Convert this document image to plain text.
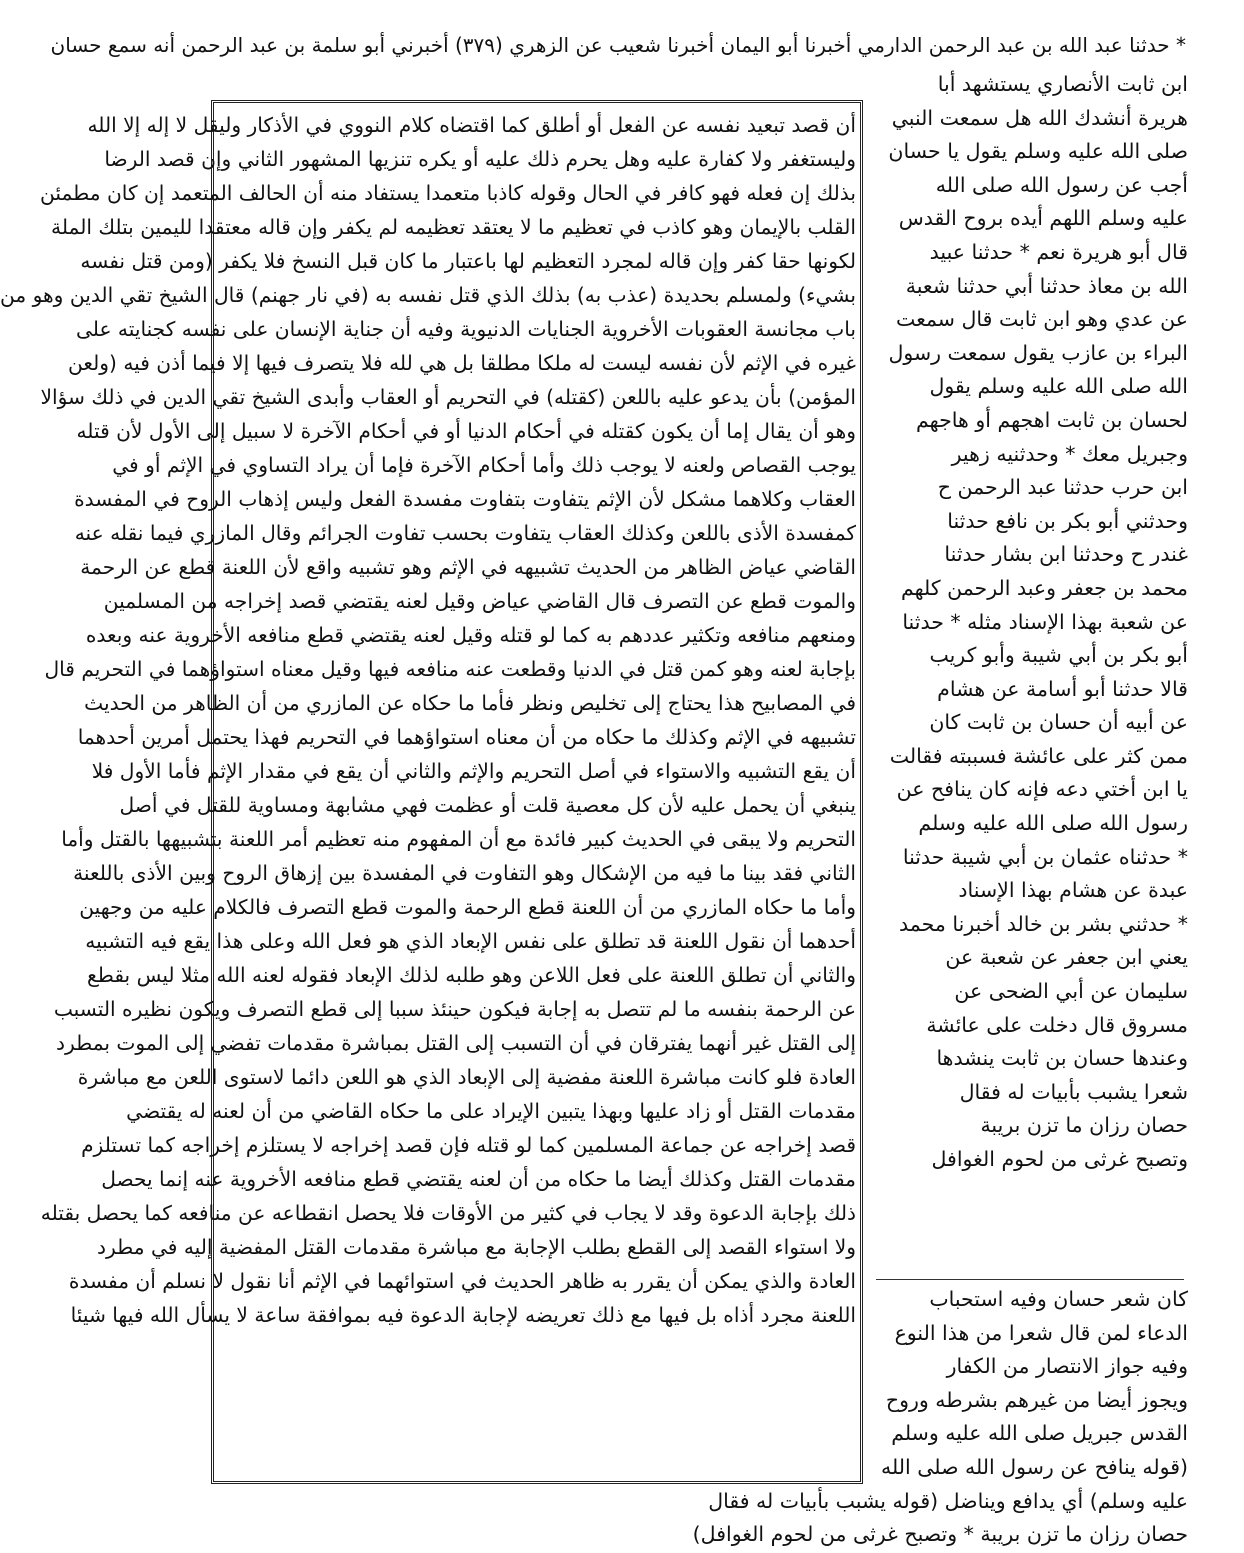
* حدثنا عبد الله بن عبد الرحمن الدارمي أخبرنا أبو اليمان أخبرنا شعيب عن الزهري (٣٧٩) أخبرني أبو سلمة بن عبد الرحمن أنه سمع حسان
ابن ثابت الأنصاري يستشهد أبا
هريرة أنشدك الله هل سمعت النبي
صلى الله عليه وسلم يقول يا حسان
أجب عن رسول الله صلى الله
عليه وسلم اللهم أيده بروح القدس
قال أبو هريرة نعم * حدثنا عبيد
الله بن معاذ حدثنا أبي حدثنا شعبة
عن عدي وهو ابن ثابت قال سمعت
البراء بن عازب يقول سمعت رسول
الله صلى الله عليه وسلم يقول
لحسان بن ثابت اهجهم أو هاجهم
وجبريل معك * وحدثنيه زهير
ابن حرب حدثنا عبد الرحمن ح
وحدثني أبو بكر بن نافع حدثنا
غندر ح وحدثنا ابن بشار حدثنا
محمد بن جعفر وعبد الرحمن كلهم
عن شعبة بهذا الإسناد مثله * حدثنا
أبو بكر بن أبي شيبة وأبو كريب
قالا حدثنا أبو أسامة عن هشام
عن أبيه أن حسان بن ثابت كان
ممن كثر على عائشة فسببته فقالت
يا ابن أختي دعه فإنه كان ينافح عن
رسول الله صلى الله عليه وسلم
* حدثناه عثمان بن أبي شيبة حدثنا
عبدة عن هشام بهذا الإسناد
* حدثني بشر بن خالد أخبرنا محمد
يعني ابن جعفر عن شعبة عن
سليمان عن أبي الضحى عن
مسروق قال دخلت على عائشة
وعندها حسان بن ثابت ينشدها
شعرا يشبب بأبيات له فقال
حصان رزان ما تزن بريبة
وتصبح غرثى من لحوم الغوافل
كان شعر حسان وفيه استحباب
الدعاء لمن قال شعرا من هذا النوع
وفيه جواز الانتصار من الكفار
ويجوز أيضا من غيرهم بشرطه وروح
القدس جبريل صلى الله عليه وسلم
(قوله ينافح عن رسول الله صلى الله
عليه وسلم) أي يدافع ويناضل (قوله يشبب بأبيات له فقال
حصان رزان ما تزن بريبة * وتصبح غرثى من لحوم الغوافل)
أن قصد تبعيد نفسه عن الفعل أو أطلق كما اقتضاه كلام النووي في الأذكار وليقل لا إله إلا الله
وليستغفر ولا كفارة عليه وهل يحرم ذلك عليه أو يكره تنزيها المشهور الثاني وإن قصد الرضا
بذلك إن فعله فهو كافر في الحال وقوله كاذبا متعمدا يستفاد منه أن الحالف المتعمد إن كان مطمئن
القلب بالإيمان وهو كاذب في تعظيم ما لا يعتقد تعظيمه لم يكفر وإن قاله معتقدا لليمين بتلك الملة
لكونها حقا كفر وإن قاله لمجرد التعظيم لها باعتبار ما كان قبل النسخ فلا يكفر (ومن قتل نفسه
بشيء) ولمسلم بحديدة (عذب به) بذلك الذي قتل نفسه به (في نار جهنم) قال الشيخ تقي الدين وهو من
باب مجانسة العقوبات الأخروية الجنايات الدنيوية وفيه أن جناية الإنسان على نفسه كجنايته على
غيره في الإثم لأن نفسه ليست له ملكا مطلقا بل هي لله فلا يتصرف فيها إلا فيما أذن فيه (ولعن
المؤمن) بأن يدعو عليه باللعن (كقتله) في التحريم أو العقاب وأبدى الشيخ تقي الدين في ذلك سؤالا
وهو أن يقال إما أن يكون كقتله في أحكام الدنيا أو في أحكام الآخرة لا سبيل إلى الأول لأن قتله
يوجب القصاص ولعنه لا يوجب ذلك وأما أحكام الآخرة فإما أن يراد التساوي في الإثم أو في
العقاب وكلاهما مشكل لأن الإثم يتفاوت بتفاوت مفسدة الفعل وليس إذهاب الروح في المفسدة
كمفسدة الأذى باللعن وكذلك العقاب يتفاوت بحسب تفاوت الجرائم وقال المازري فيما نقله عنه
القاضي عياض الظاهر من الحديث تشبيهه في الإثم وهو تشبيه واقع لأن اللعنة قطع عن الرحمة
والموت قطع عن التصرف قال القاضي عياض وقيل لعنه يقتضي قصد إخراجه من المسلمين
ومنعهم منافعه وتكثير عددهم به كما لو قتله وقيل لعنه يقتضي قطع منافعه الأخروية عنه وبعده
بإجابة لعنه وهو كمن قتل في الدنيا وقطعت عنه منافعه فيها وقيل معناه استواؤهما في التحريم قال
في المصابيح هذا يحتاج إلى تخليص ونظر فأما ما حكاه عن المازري من أن الظاهر من الحديث
تشبيهه في الإثم وكذلك ما حكاه من أن معناه استواؤهما في التحريم فهذا يحتمل أمرين أحدهما
أن يقع التشبيه والاستواء في أصل التحريم والإثم والثاني أن يقع في مقدار الإثم فأما الأول فلا
ينبغي أن يحمل عليه لأن كل معصية قلت أو عظمت فهي مشابهة ومساوية للقتل في أصل
التحريم ولا يبقى في الحديث كبير فائدة مع أن المفهوم منه تعظيم أمر اللعنة بتشبيهها بالقتل وأما
الثاني فقد بينا ما فيه من الإشكال وهو التفاوت في المفسدة بين إزهاق الروح وبين الأذى باللعنة
وأما ما حكاه المازري من أن اللعنة قطع الرحمة والموت قطع التصرف فالكلام عليه من وجهين
أحدهما أن نقول اللعنة قد تطلق على نفس الإبعاد الذي هو فعل الله وعلى هذا يقع فيه التشبيه
والثاني أن تطلق اللعنة على فعل اللاعن وهو طلبه لذلك الإبعاد فقوله لعنه الله مثلا ليس بقطع
عن الرحمة بنفسه ما لم تتصل به إجابة فيكون حينئذ سببا إلى قطع التصرف ويكون نظيره التسبب
إلى القتل غير أنهما يفترقان في أن التسبب إلى القتل بمباشرة مقدمات تفضي إلى الموت بمطرد
العادة فلو كانت مباشرة اللعنة مفضية إلى الإبعاد الذي هو اللعن دائما لاستوى اللعن مع مباشرة
مقدمات القتل أو زاد عليها وبهذا يتبين الإيراد على ما حكاه القاضي من أن لعنه له يقتضي
قصد إخراجه عن جماعة المسلمين كما لو قتله فإن قصد إخراجه لا يستلزم إخراجه كما تستلزم
مقدمات القتل وكذلك أيضا ما حكاه من أن لعنه يقتضي قطع منافعه الأخروية عنه إنما يحصل
ذلك بإجابة الدعوة وقد لا يجاب في كثير من الأوقات فلا يحصل انقطاعه عن منافعه كما يحصل بقتله
ولا استواء القصد إلى القطع بطلب الإجابة مع مباشرة مقدمات القتل المفضية إليه في مطرد
العادة والذي يمكن أن يقرر به ظاهر الحديث في استوائهما في الإثم أنا نقول لا نسلم أن مفسدة
اللعنة مجرد أذاه بل فيها مع ذلك تعريضه لإجابة الدعوة فيه بموافقة ساعة لا يسأل الله فيها شيئا
